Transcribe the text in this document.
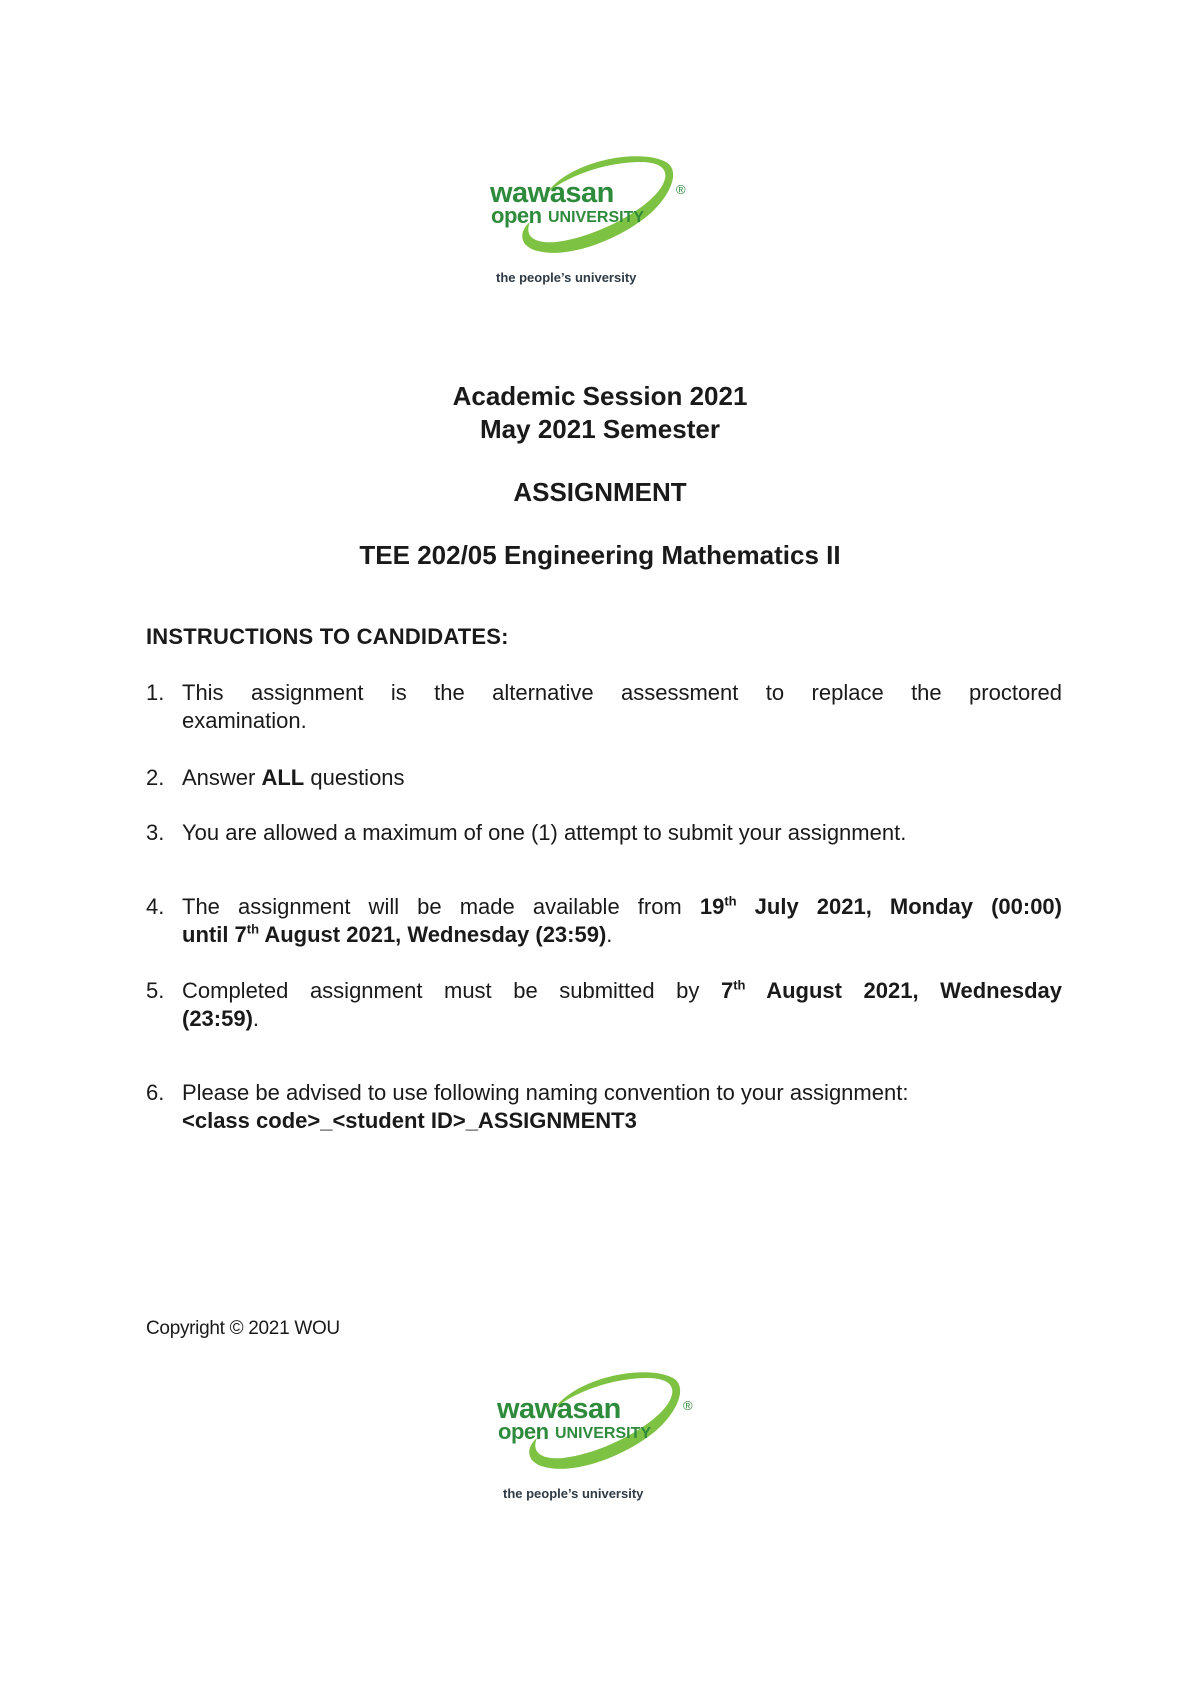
wawasan	®
open UNIVERSITY
the people’s university
Academic Session 2021
May 2021 Semester
ASSIGNMENT
TEE 202/05 Engineering Mathematics II
INSTRUCTIONS TO CANDIDATES:
1. This assignment is the alternative assessment to replace the proctored
examination.
2. Answer ALL questions
3. You are allowed a maximum of one (1) attempt to submit your assignment.
4. The assignment will be made available from 19th July 2021, Monday (00:00)
until 7th August 2021, Wednesday (23:59).
5. Completed assignment must be submitted by 7th August 2021, Wednesday
(23:59).
6. Please be advised to use following naming convention to your assignment:
<class code>_<student ID>_ASSIGNMENT3
Copyright © 2021 WOU
wawasan	®
open UNIVERSITY
the people’s university
